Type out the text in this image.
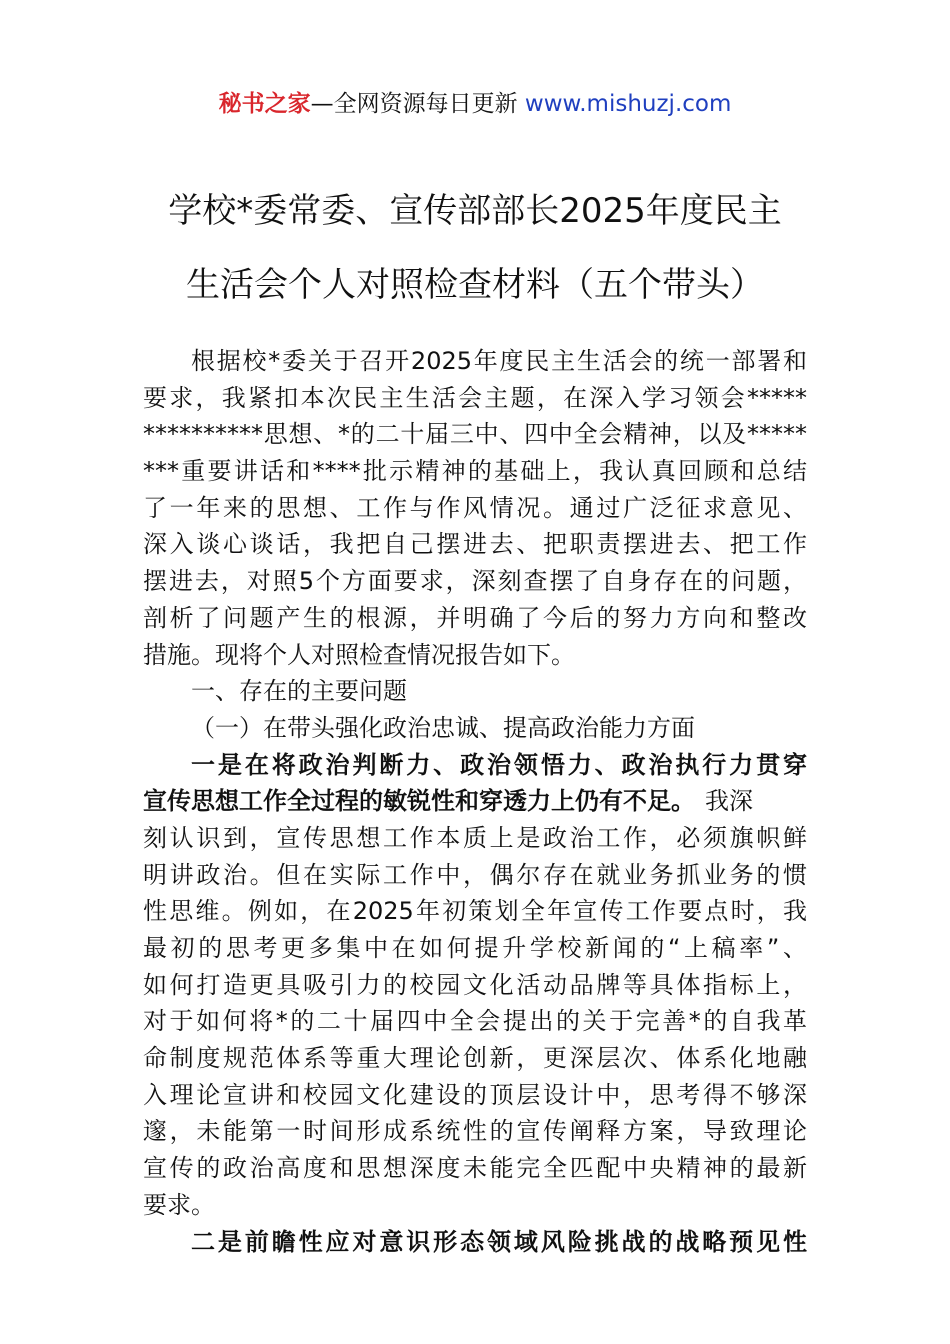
秘书之家—全网资源每日更新 www.mishuzj.com
学校*委常委、宣传部部长2025年度民主
生活会个人对照检查材料（五个带头）
根据校*委关于召开2025年度民主生活会的统一部署和
要求，我紧扣本次民主生活会主题，在深入学习领会*****
**********思想、*的二十届三中、四中全会精神，以及*****
***重要讲话和****批示精神的基础上，我认真回顾和总结
了一年来的思想、工作与作风情况。通过广泛征求意见、
深入谈心谈话，我把自己摆进去、把职责摆进去、把工作
摆进去，对照5个方面要求，深刻查摆了自身存在的问题，
剖析了问题产生的根源，并明确了今后的努力方向和整改
措施。现将个人对照检查情况报告如下。
一、存在的主要问题
（一）在带头强化政治忠诚、提高政治能力方面
一是在将政治判断力、政治领悟力、政治执行力贯穿
宣传思想工作全过程的敏锐性和穿透力上仍有不足。 我深
刻认识到，宣传思想工作本质上是政治工作，必须旗帜鲜
明讲政治。但在实际工作中，偶尔存在就业务抓业务的惯
性思维。例如，在2025年初策划全年宣传工作要点时，我
最初的思考更多集中在如何提升学校新闻的“上稿率”、
如何打造更具吸引力的校园文化活动品牌等具体指标上，
对于如何将*的二十届四中全会提出的关于完善*的自我革
命制度规范体系等重大理论创新，更深层次、体系化地融
入理论宣讲和校园文化建设的顶层设计中，思考得不够深
邃，未能第一时间形成系统性的宣传阐释方案，导致理论
宣传的政治高度和思想深度未能完全匹配中央精神的最新
要求。
二是前瞻性应对意识形态领域风险挑战的战略预见性
